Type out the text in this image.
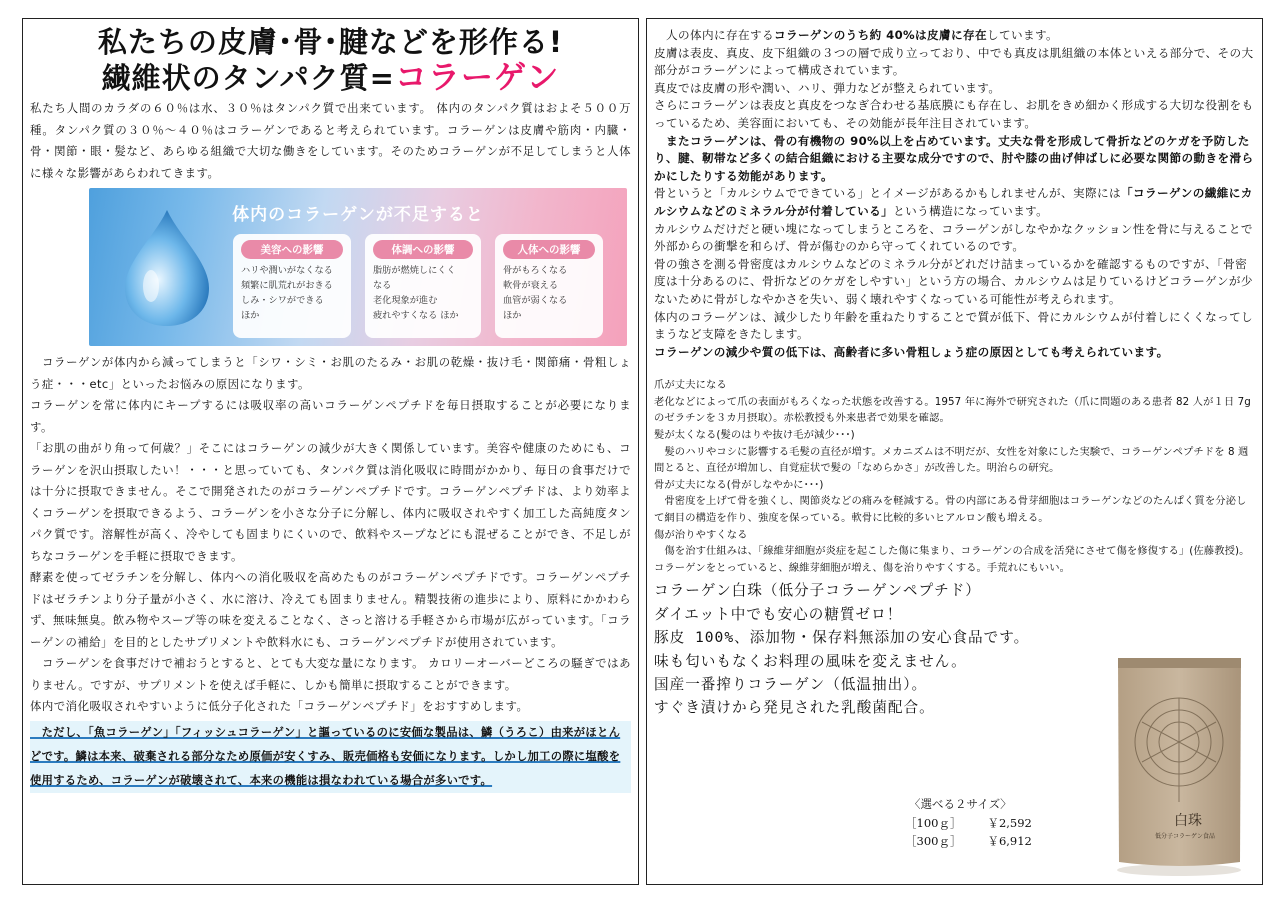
私たちの皮膚･骨･腱などを形作る!
繊維状のタンパク質=コラーゲン
私たち人間のカラダの６０％は水、３０％はタンパク質で出来ています。 体内のタンパク質はおよそ５００万種。タンパク質の３０％～４０％はコラーゲンであると考えられています。コラーゲンは皮膚や筋肉・内臓・骨・関節・眼・髪など、あらゆる組織で大切な働きをしています。そのためコラーゲンが不足してしまうと人体に様々な影響があらわれてきます。
体内のコラーゲンが不足すると
美容への影響
ハリや潤いがなくなる
頻繁に肌荒れがおきる
しみ・シワができる
ほか
体調への影響
脂肪が燃焼しにくく
なる
老化現象が進む
疲れやすくなる ほか
人体への影響
骨がもろくなる
軟骨が衰える
血管が弱くなる
ほか
　コラーゲンが体内から減ってしまうと「シワ・シミ・お肌のたるみ・お肌の乾燥・抜け毛・関節痛・骨粗しょう症・・・etc」といったお悩みの原因になります。
コラーゲンを常に体内にキープするには吸収率の高いコラーゲンペプチドを毎日摂取することが必要になります。
「お肌の曲がり角って何歳？」そこにはコラーゲンの減少が大きく関係しています。美容や健康のためにも、コラーゲンを沢山摂取したい！・・・と思っていても、タンパク質は消化吸収に時間がかかり、毎日の食事だけでは十分に摂取できません。そこで開発されたのがコラーゲンペプチドです。コラーゲンペプチドは、より効率よくコラーゲンを摂取できるよう、コラーゲンを小さな分子に分解し、体内に吸収されやすく加工した高純度タンパク質です。溶解性が高く、冷やしても固まりにくいので、飲料やスープなどにも混ぜることができ、不足しがちなコラーゲンを手軽に摂取できます。
酵素を使ってゼラチンを分解し、体内への消化吸収を高めたものがコラーゲンペプチドです。コラーゲンペプチドはゼラチンより分子量が小さく、水に溶け、冷えても固まりません。精製技術の進歩により、原料にかかわらず、無味無臭。飲み物やスープ等の味を変えることなく、さっと溶ける手軽さから市場が広がっています。「コラーゲンの補給」を目的としたサプリメントや飲料水にも、コラーゲンペプチドが使用されています。
　コラーゲンを食事だけで補おうとすると、とても大変な量になります。 カロリーオーバーどころの騒ぎではありません。ですが、サプリメントを使えば手軽に、しかも簡単に摂取することができます。
体内で消化吸収されやすいように低分子化された「コラーゲンペプチド」をおすすめします。
　ただし、「魚コラーゲン」「フィッシュコラーゲン」と謳っているのに安価な製品は、鱗（うろこ）由来がほとんどです。鱗は本来、破棄される部分なため原価が安くすみ、販売価格も安価になります。しかし加工の際に塩酸を使用するため、コラーゲンが破壊されて、本来の機能は損なわれている場合が多いです。
　人の体内に存在するコラーゲンのうち約 40%は皮膚に存在しています。
皮膚は表皮、真皮、皮下組織の３つの層で成り立っており、中でも真皮は肌組織の本体といえる部分で、その大部分がコラーゲンによって構成されています。
真皮では皮膚の形や潤い、ハリ、弾力などが整えられています。
さらにコラーゲンは表皮と真皮をつなぎ合わせる基底膜にも存在し、お肌をきめ細かく形成する大切な役割をもっているため、美容面においても、その効能が長年注目されています。
　またコラーゲンは、骨の有機物の 90%以上を占めています。丈夫な骨を形成して骨折などのケガを予防したり、腱、靭帯など多くの結合組織における主要な成分ですので、肘や膝の曲げ伸ばしに必要な関節の動きを滑らかにしたりする効能があります。
骨というと「カルシウムでできている」とイメージがあるかもしれませんが、実際には「コラーゲンの繊維にカルシウムなどのミネラル分が付着している」という構造になっています。
カルシウムだけだと硬い塊になってしまうところを、コラーゲンがしなやかなクッション性を骨に与えることで外部からの衝撃を和らげ、骨が傷むのから守ってくれているのです。
骨の強さを測る骨密度はカルシウムなどのミネラル分がどれだけ詰まっているかを確認するものですが、「骨密度は十分あるのに、骨折などのケガをしやすい」という方の場合、カルシウムは足りているけどコラーゲンが少ないために骨がしなやかさを失い、弱く壊れやすくなっている可能性が考えられます。
体内のコラーゲンは、減少したり年齢を重ねたりすることで質が低下、骨にカルシウムが付着しにくくなってしまうなど支障をきたします。
コラーゲンの減少や質の低下は、高齢者に多い骨粗しょう症の原因としても考えられています。
爪が丈夫になる
老化などによって爪の表面がもろくなった状態を改善する。1957 年に海外で研究された（爪に問題のある患者 82 人が１日 7g のゼラチンを３カ月摂取）。赤松教授も外来患者で効果を確認。
髪が太くなる(髪のはりや抜け毛が減少･･･)
　髪のハリやコシに影響する毛髪の直径が増す。メカニズムは不明だが、女性を対象にした実験で、コラーゲンペプチドを 8 週間とると、直径が増加し、自覚症状で髪の「なめらかさ」が改善した。明治らの研究。
骨が丈夫になる(骨がしなやかに･･･)
　骨密度を上げて骨を強くし、関節炎などの痛みを軽減する。骨の内部にある骨芽細胞はコラーゲンなどのたんぱく質を分泌して網目の構造を作り、強度を保っている。軟骨に比較的多いヒアルロン酸も増える。
傷が治りやすくなる
　傷を治す仕組みは、「線維芽細胞が炎症を起こした傷に集まり、コラーゲンの合成を活発にさせて傷を修復する」(佐藤教授)。コラーゲンをとっていると、線維芽細胞が増え、傷を治りやすくする。手荒れにもいい。
コラーゲン白珠（低分子コラーゲンペプチド）
ダイエット中でも安心の糖質ゼロ！
豚皮 100%、添加物・保存料無添加の安心食品です。
味も匂いもなくお料理の風味を変えません。
国産一番搾りコラーゲン（低温抽出）。
すぐき漬けから発見された乳酸菌配合。
〈選べる２サイズ〉
［100ｇ］ ￥2,592
［300ｇ］ ￥6,912
白珠
低分子コラーゲン食品
